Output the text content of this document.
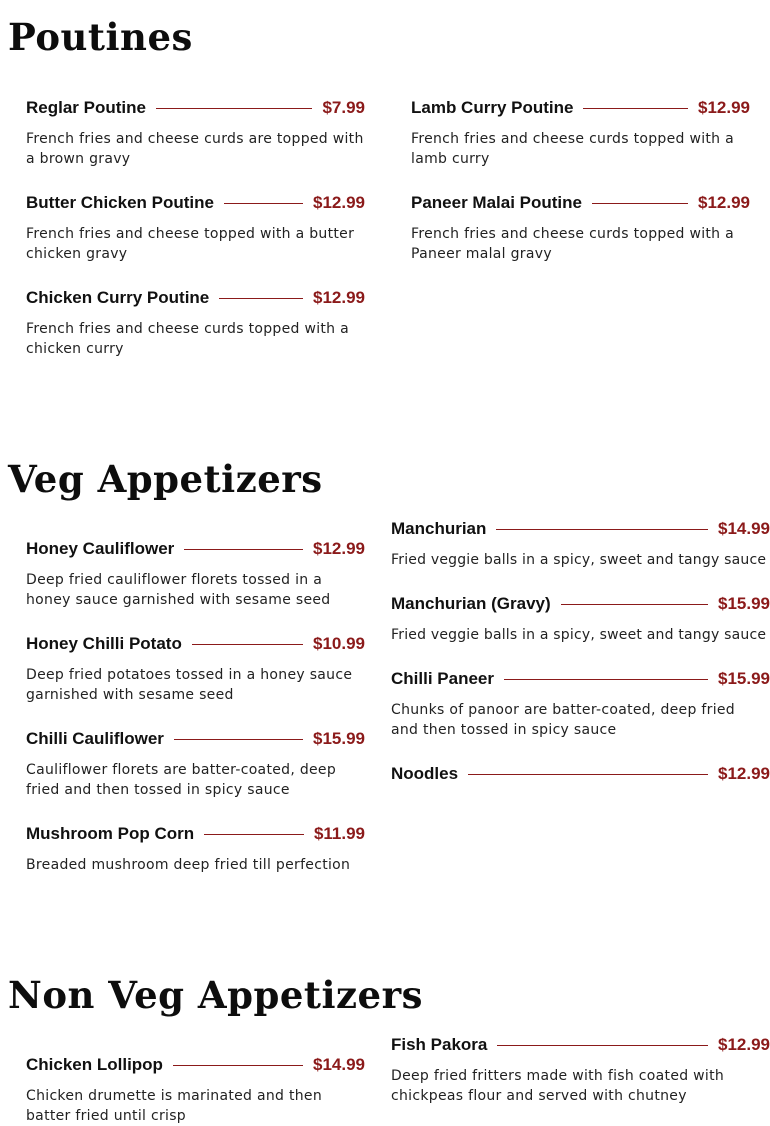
Poutines
Reglar Poutine	$7.99
French fries and cheese curds are topped with a brown gravy
Butter Chicken Poutine	$12.99
French fries and cheese topped with a butter chicken gravy
Chicken Curry Poutine	$12.99
French fries and cheese curds topped with a chicken curry
Lamb Curry Poutine	$12.99
French fries and cheese curds topped with a lamb curry
Paneer Malai Poutine	$12.99
French fries and cheese curds topped with a Paneer malal gravy
Veg Appetizers
Honey Cauliflower	$12.99
Deep fried cauliflower florets tossed in a honey sauce garnished with sesame seed
Honey Chilli Potato	$10.99
Deep fried potatoes tossed in a honey sauce garnished with sesame seed
Chilli Cauliflower	$15.99
Cauliflower florets are batter-coated, deep fried and then tossed in spicy sauce
Mushroom Pop Corn	$11.99
Breaded mushroom deep fried till perfection
Manchurian	$14.99
Fried veggie balls in a spicy, sweet and tangy sauce
Manchurian (Gravy)	$15.99
Fried veggie balls in a spicy, sweet and tangy sauce
Chilli Paneer	$15.99
Chunks of panoor are batter-coated, deep fried and then tossed in spicy sauce
Noodles	$12.99
Non Veg Appetizers
Chicken Lollipop	$14.99
Chicken drumette is marinated and then batter fried until crisp
Fish Pakora	$12.99
Deep fried fritters made with fish coated with chickpeas flour and served with chutney
